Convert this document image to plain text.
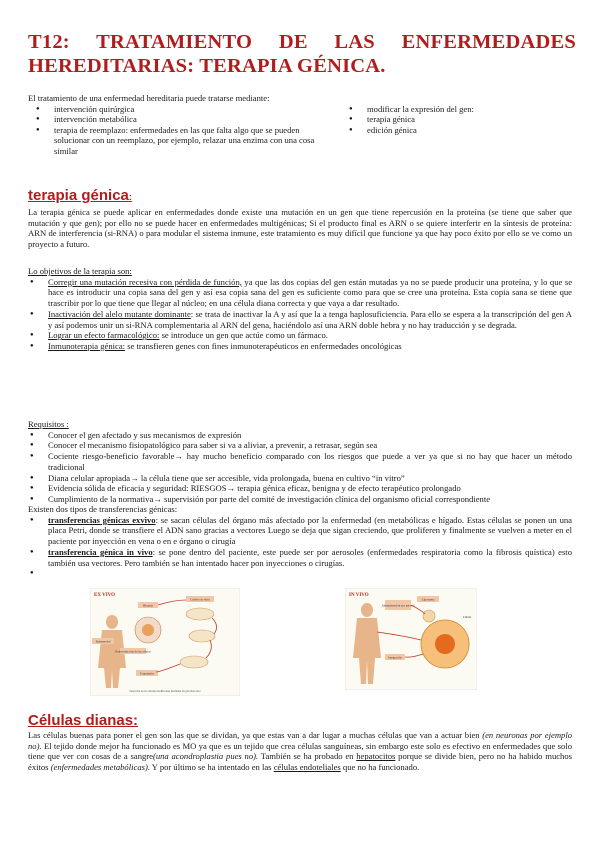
T12: TRATAMIENTO DE LAS ENFERMEDADES HEREDITARIAS: TERAPIA GÉNICA.

El tratamiento de una enfermedad hereditaria puede tratarse mediante:

● intervención quirúrgica
● intervención metabólica
● terapia de reemplazo: enfermedades en las que falta algo que se pueden solucionar con un reemplazo, por ejemplo, relazar una enzima con una cosa similar
● modificar la expresión del gen:
● terapia génica
● edición génica
terapia génica:

La terapia génica se puede aplicar en enfermedades donde existe una mutación en un gen que tiene repercusión en la proteína (se tiene que saber que mutación y que gen); por ello no se puede hacer en enfermedades multigénicas; Si el producto final es ARN o se quiere interferir en la síntesis de proteína: ARN de interferencia (si-RNA) o para modular el sistema inmune, este tratamiento es muy difícil que funcione ya que hay poco éxito por ello se ve como un proyecto a futuro.

Lo objetivos de la terapia son:

● Corregir una mutación recesiva con pérdida de función, ya que las dos copias del gen están mutadas ya no se puede producir una proteína, y lo que se hace es introducir una copia sana del gen y así esa copia sana del gen es suficiente como para que se cree una proteína. Esta copia sana se tiene que trascribir por lo que tiene que llegar al núcleo; en una célula diana correcta y que vaya a dar resultado.
● Inactivación del alelo mutante dominante: se trata de inactivar la A y así que la a tenga haplosuficiencia. Para ello se espera a la transcripción del gen A y así podemos unir un si-RNA complementaria al ARN del gena, haciéndolo así una ARN doble hebra y no hay traducción y se degrada.
● Lograr un efecto farmacológico: se introduce un gen que actúe como un fármaco.
● Inmunoterapia génica: se transfieren genes con fines inmunoterapéuticos en enfermedades oncológicas

Requisitos :

● Conocer el gen afectado y sus mecanismos de expresión
● Conocer el mecanismo fisiopatológico para saber si va a aliviar, a prevenir, a retrasar, según sea
● Cociente riesgo-beneficio favorable→ hay mucho beneficio comparado con los riesgos que puede a ver ya que si no hay que hacer un método tradicional
● Diana celular apropiada→ la célula tiene que ser accesible, vida prolongada, buena en cultivo “in vitro”
● Evidencia sólida de eficacia y seguridad: RIESGOS→ terapia génica eficaz, benigna y de efecto terapéutico prolongado
● Cumplimiento de la normativa→ supervisión por parte del comité de investigación clínica del organismo oficial correspondiente

Existen dos tipos de transferencias génicas:

● transferencias génicas exvivo: se sacan células del órgano más afectado por la enfermedad (en metabólicas e hígado. Estas células se ponen un una placa Petri, donde se transfiere el ADN sano gracias a vectores Luego se deja que sigan creciendo, que proliferen y finalmente se vuelven a meter en el paciente por inyección en vena o en e órgano o cirugía
● transferencia génica in vivo: se pone dentro del paciente, este puede ser por aerosoles (enfermedades respiratoria como la fibrosis quística) esto también usa vectores. Pero también se han intentado hacer pon inyecciones o cirugías.
●
EX VIVO
Biopsia
Cultivo in vitro
Reintroducción de las células
Enfermedad
Expansión
Selección de las células modificadas mediante un gen marcador
IN VIVO
Administración por aerosol
Liposoma
Célula
Integración
Células dianas:

Las células buenas para poner el gen son las que se dividan, ya que estas van a dar lugar a muchas células que van a actuar bien (en neuronas por ejemplo no). El tejido donde mejor ha funcionado es MO ya que es un tejido que crea células sanguíneas, sin embargo este solo es efectivo en enfermedades que solo tiene que ver con cosas de a sangre(una acondroplastia pues no). También se ha probado en hepatocitos porque se divide bien, pero no ha habido muchos éxitos (enfermedades metabólicas). Y por último se ha intentado en las células endoteliales que no ha funcionado.
